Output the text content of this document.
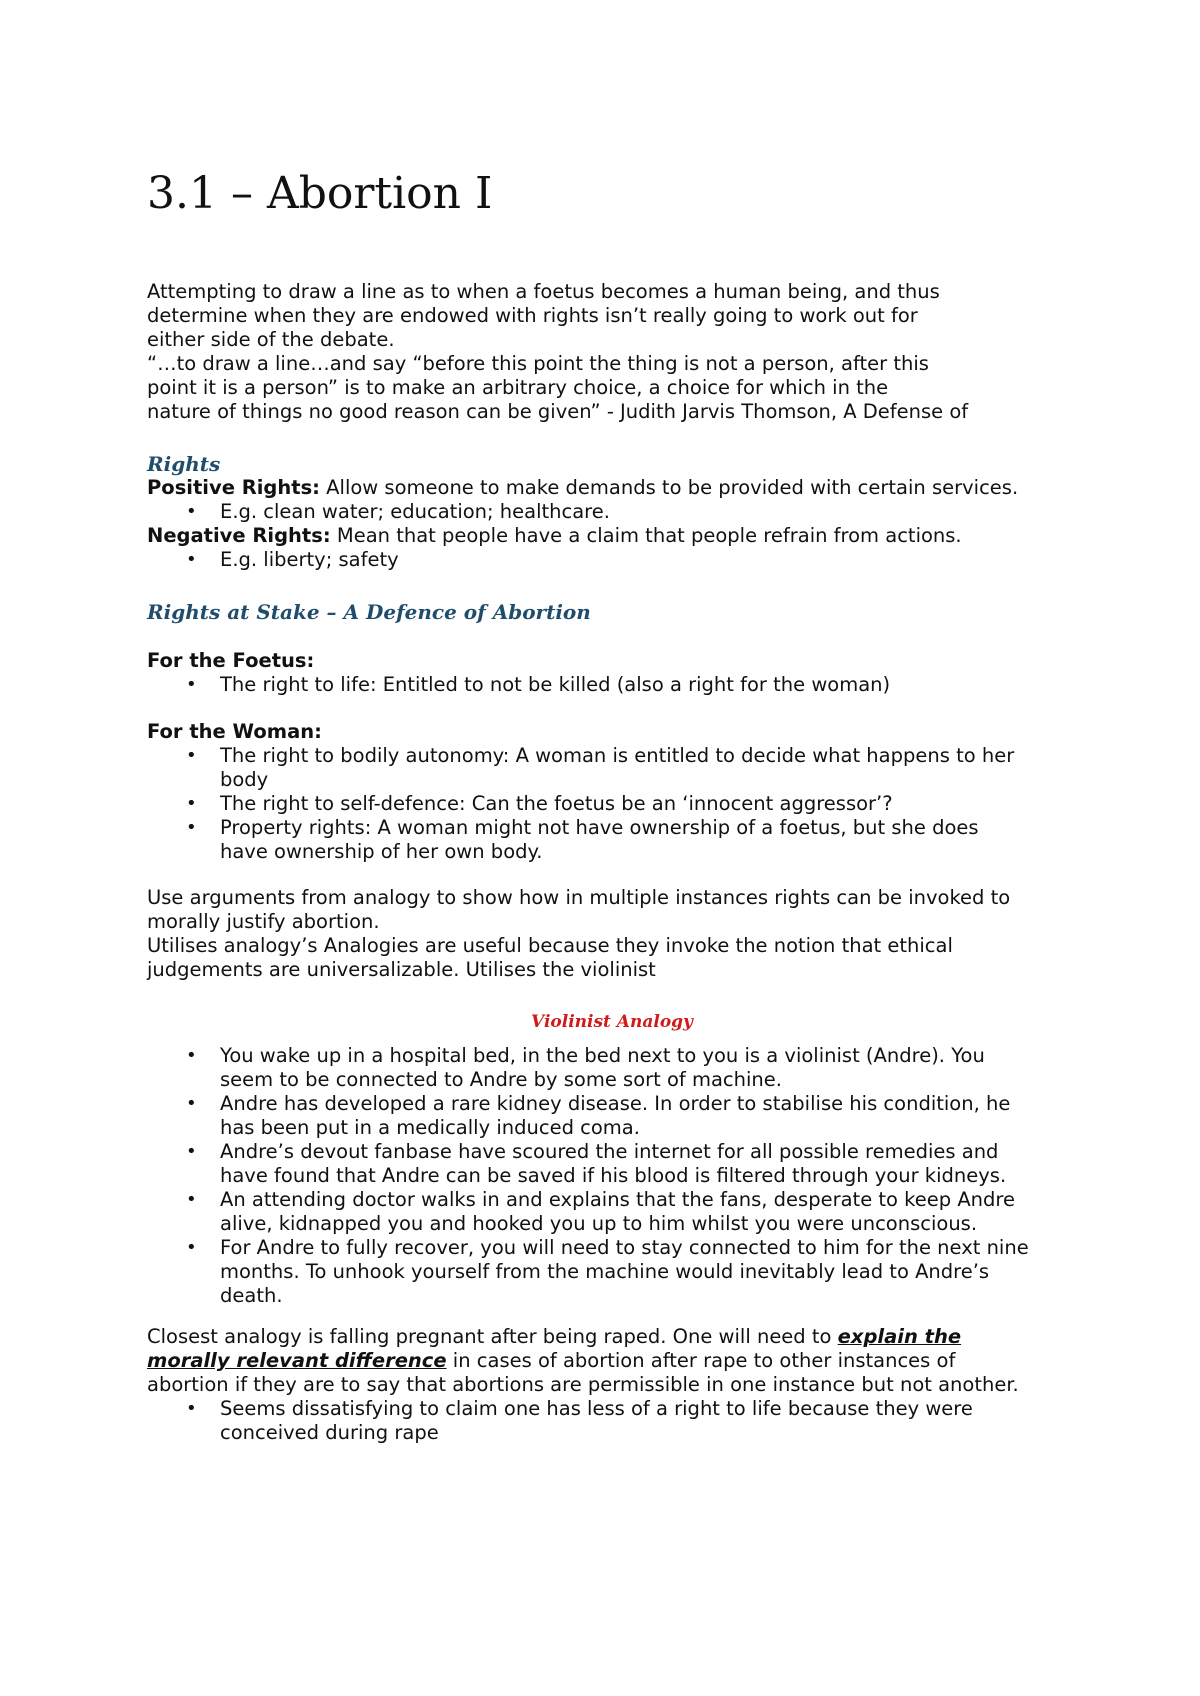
3.1 – Abortion I
Attempting to draw a line as to when a foetus becomes a human being, and thus
determine when they are endowed with rights isn’t really going to work out for
either side of the debate.
“…to draw a line…and say “before this point the thing is not a person, after this
point it is a person” is to make an arbitrary choice, a choice for which in the
nature of things no good reason can be given” - Judith Jarvis Thomson, A Defense of
Rights
Positive Rights: Allow someone to make demands to be provided with certain services.
• E.g. clean water; education; healthcare.
Negative Rights: Mean that people have a claim that people refrain from actions.
• E.g. liberty; safety
Rights at Stake – A Defence of Abortion
For the Foetus:
• The right to life: Entitled to not be killed (also a right for the woman)
For the Woman:
• The right to bodily autonomy: A woman is entitled to decide what happens to her
body
• The right to self-defence: Can the foetus be an ‘innocent aggressor’?
• Property rights: A woman might not have ownership of a foetus, but she does
have ownership of her own body.
Use arguments from analogy to show how in multiple instances rights can be invoked to
morally justify abortion.
Utilises analogy’s Analogies are useful because they invoke the notion that ethical
judgements are universalizable. Utilises the violinist
Violinist Analogy
• You wake up in a hospital bed, in the bed next to you is a violinist (Andre). You
seem to be connected to Andre by some sort of machine.
• Andre has developed a rare kidney disease. In order to stabilise his condition, he
has been put in a medically induced coma.
• Andre’s devout fanbase have scoured the internet for all possible remedies and
have found that Andre can be saved if his blood is filtered through your kidneys.
• An attending doctor walks in and explains that the fans, desperate to keep Andre
alive, kidnapped you and hooked you up to him whilst you were unconscious.
• For Andre to fully recover, you will need to stay connected to him for the next nine
months. To unhook yourself from the machine would inevitably lead to Andre’s
death.
Closest analogy is falling pregnant after being raped. One will need to explain the
morally relevant difference in cases of abortion after rape to other instances of
abortion if they are to say that abortions are permissible in one instance but not another.
• Seems dissatisfying to claim one has less of a right to life because they were
conceived during rape
